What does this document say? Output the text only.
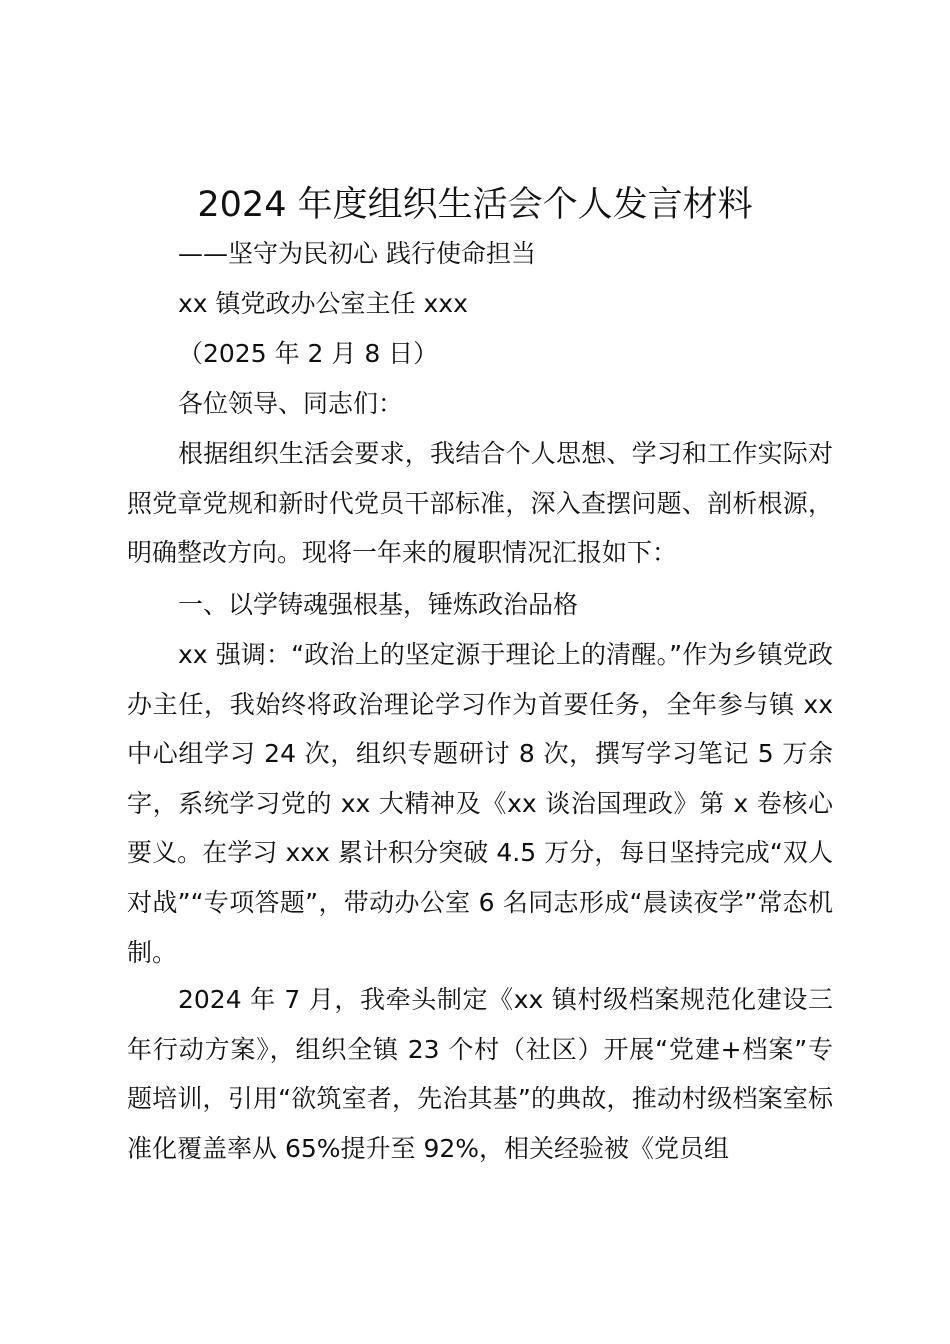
2024 年度组织生活会个人发言材料
——坚守为民初心 践行使命担当
xx 镇党政办公室主任 xxx
（2025 年 2 月 8 日）
各位领导、同志们：

根据组织生活会要求，我结合个人思想、学习和工作实际对照党章党规和新时代党员干部标准，深入查摆问题、剖析根源，明确整改方向。现将一年来的履职情况汇报如下：

一、以学铸魂强根基，锤炼政治品格

xx 强调：“政治上的坚定源于理论上的清醒。”作为乡镇党政办主任，我始终将政治理论学习作为首要任务，全年参与镇 xx 中心组学习 24 次，组织专题研讨 8 次，撰写学习笔记 5 万余字，系统学习党的 xx 大精神及《xx 谈治国理政》第 x 卷核心要义。在学习 xxx 累计积分突破 4.5 万分，每日坚持完成“双人对战”“专项答题”，带动办公室 6 名同志形成“晨读夜学”常态机制。

2024 年 7 月，我牵头制定《xx 镇村级档案规范化建设三年行动方案》，组织全镇 23 个村（社区）开展“党建+档案”专题培训，引用“欲筑室者，先治其基”的典故，推动村级档案室标准化覆盖率从 65%提升至 92%，相关经验被《党员组
